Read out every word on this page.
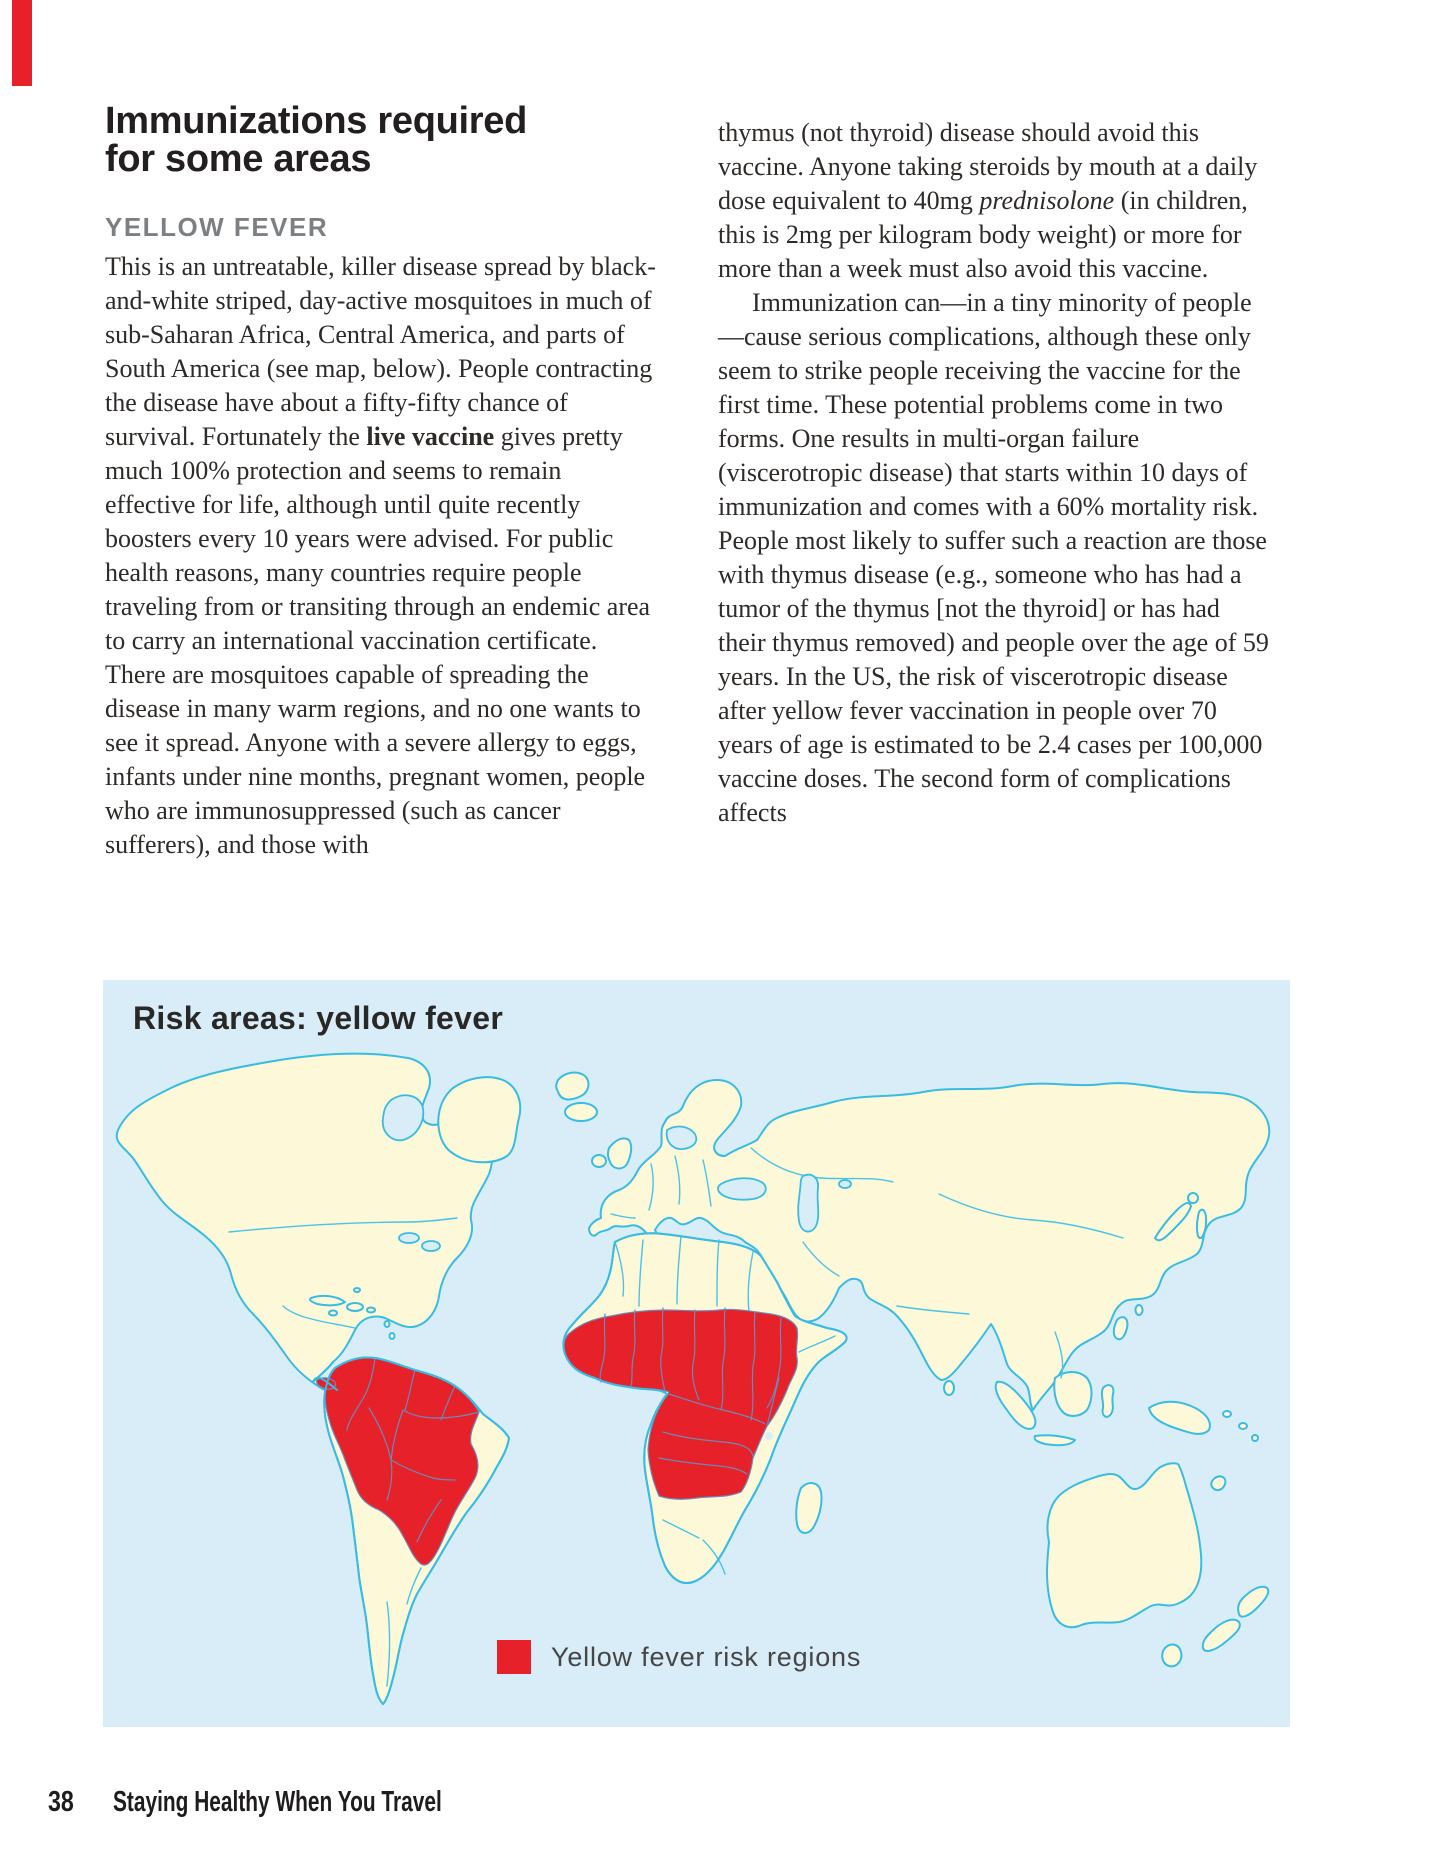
Immunizations required
for some areas
YELLOW FEVER

This is an untreatable, killer disease spread by black-and-white striped, day-active mosquitoes in much of sub-Saharan Africa, Central America, and parts of South America (see map, below). People contracting the disease have about a fifty-fifty chance of survival. Fortunately the live vaccine gives pretty much 100% protection and seems to remain effective for life, although until quite recently boosters every 10 years were advised. For public health reasons, many countries require people traveling from or transiting through an endemic area to carry an international vaccination certificate. There are mosquitoes capable of spreading the disease in many warm regions, and no one wants to see it spread. Anyone with a severe allergy to eggs, infants under nine months, pregnant women, people who are immunosuppressed (such as cancer sufferers), and those with

thymus (not thyroid) disease should avoid this vaccine. Anyone taking steroids by mouth at a daily dose equivalent to 40mg prednisolone (in children, this is 2mg per kilogram body weight) or more for more than a week must also avoid this vaccine.

Immunization can—in a tiny minority of people—cause serious complications, although these only seem to strike people receiving the vaccine for the first time. These potential problems come in two forms. One results in multi-organ failure (viscerotropic disease) that starts within 10 days of immunization and comes with a 60% mortality risk. People most likely to suffer such a reaction are those with thymus disease (e.g., someone who has had a tumor of the thymus [not the thyroid] or has had their thymus removed) and people over the age of 59 years. In the US, the risk of viscerotropic disease after yellow fever vaccination in people over 70 years of age is estimated to be 2.4 cases per 100,000 vaccine doses. The second form of complications affects

Risk areas: yellow fever
Yellow fever risk regions
38 Staying Healthy When You Travel
